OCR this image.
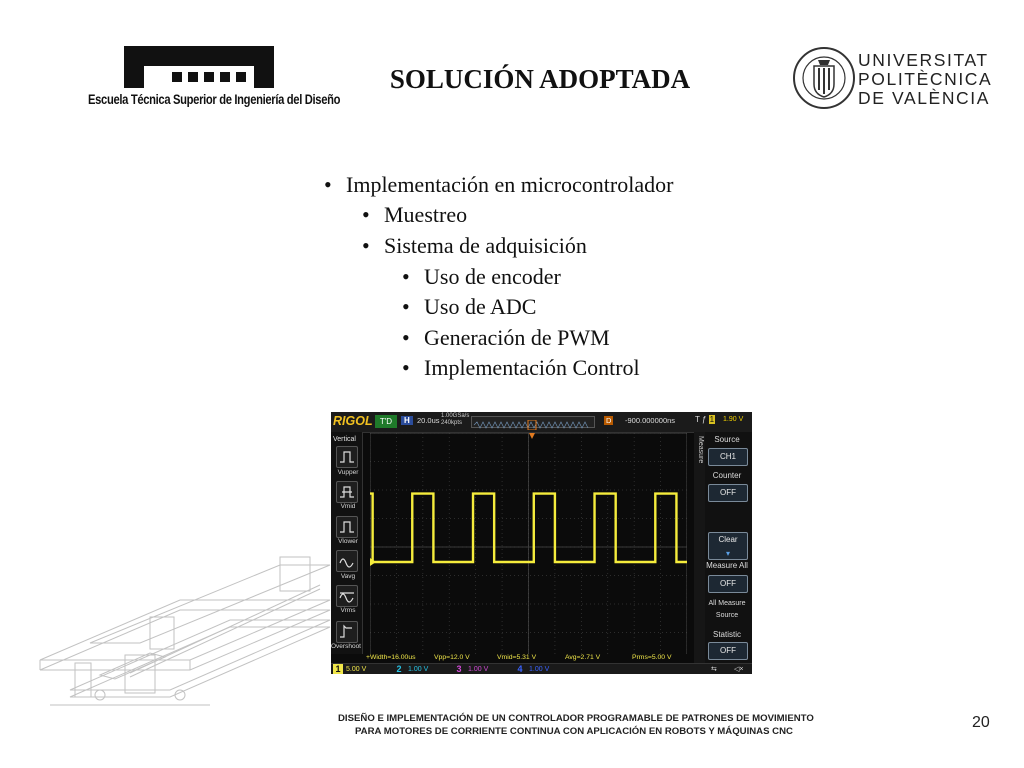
Escuela Técnica Superior de Ingeniería del Diseño
SOLUCIÓN ADOPTADA
UNIVERSITAT
POLITÈCNICA
DE VALÈNCIA
• Implementación en microcontrolador
• Muestreo
• Sistema de adquisición
• Uso de encoder
• Uso de ADC
• Generación de PWM
• Implementación Control
RIGOL T'D	H 20.0us 1.00GSa/s
240kpts	D -900.000000ns T ƒ 1 1.90 V
Vertical
Vupper
Vmid
Vlower
Vavg
Vrms
Overshoot
Measure	Source
CH1
Counter
OFF
Clear
▾
Measure All
OFF
All Measure
Source
Statistic
OFF
+Width=16.00us	Vpp=12.0 V	Vmid=5.31 V	Avg=2.71 V	Prms=5.00 V
1 5.00 V	2 1.00 V	3 1.00 V	4 1.00 V	⇆ ◁×
DISEÑO E IMPLEMENTACIÓN DE UN CONTROLADOR PROGRAMABLE DE PATRONES DE MOVIMIENTO
PARA MOTORES DE CORRIENTE CONTINUA CON APLICACIÓN EN ROBOTS Y MÁQUINAS CNC
20
